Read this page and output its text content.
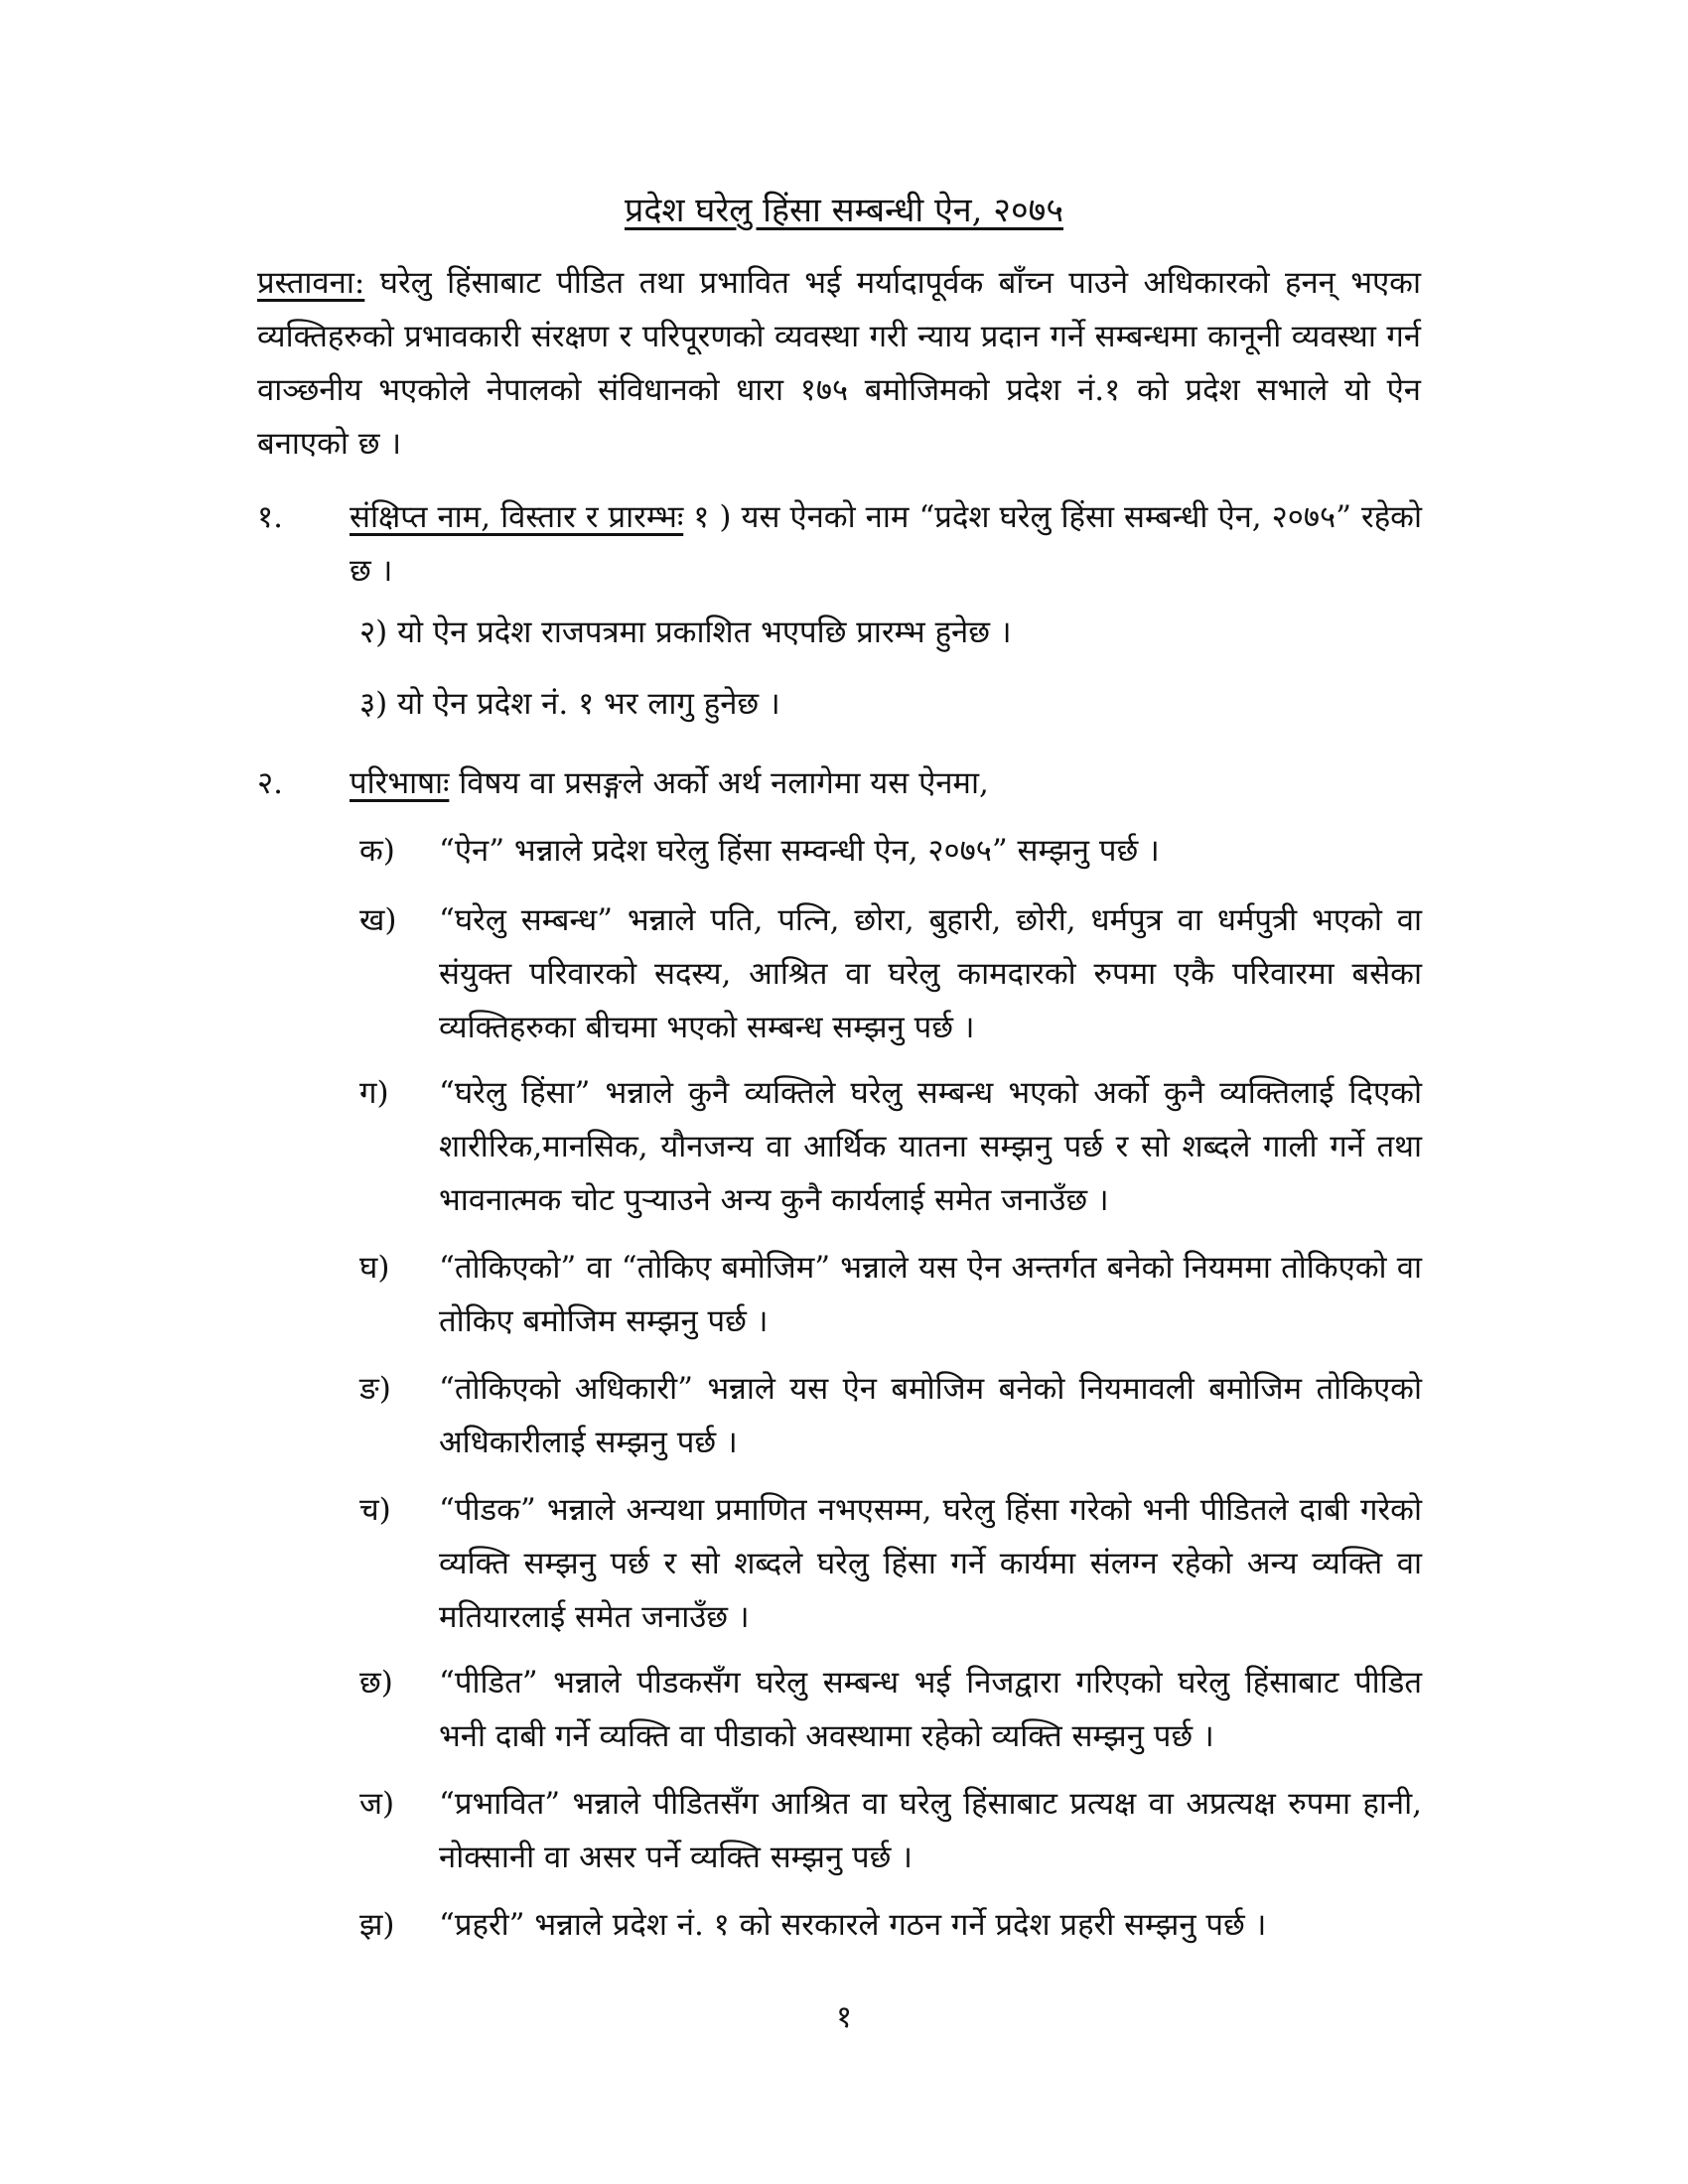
प्रदेश घरेलु हिंसा सम्बन्धी ऐन, २०७५

प्रस्तावना: घरेलु हिंसाबाट पीडित तथा प्रभावित भई मर्यादापूर्वक बाँच्न पाउने अधिकारको हनन् भएका व्यक्तिहरुको प्रभावकारी संरक्षण र परिपूरणको व्यवस्था गरी न्याय प्रदान गर्ने सम्बन्धमा कानूनी व्यवस्था गर्न वाञ्छनीय भएकोले नेपालको संविधानको धारा १७५ बमोजिमको प्रदेश नं.१ को प्रदेश सभाले यो ऐन बनाएको छ ।

१. संक्षिप्त नाम, विस्तार र प्रारम्भः १ ) यस ऐनको नाम “प्रदेश घरेलु हिंसा सम्बन्धी ऐन, २०७५” रहेको छ ।

२) यो ऐन प्रदेश राजपत्रमा प्रकाशित भएपछि प्रारम्भ हुनेछ ।

३) यो ऐन प्रदेश नं. १ भर लागु हुनेछ ।

२. परिभाषाः विषय वा प्रसङ्गले अर्को अर्थ नलागेमा यस ऐनमा,

क) “ऐन” भन्नाले प्रदेश घरेलु हिंसा सम्वन्धी ऐन, २०७५” सम्झनु पर्छ ।

ख) “घरेलु सम्बन्ध” भन्नाले पति, पत्नि, छोरा, बुहारी, छोरी, धर्मपुत्र वा धर्मपुत्री भएको वा संयुक्त परिवारको सदस्य, आश्रित वा घरेलु कामदारको रुपमा एकै परिवारमा बसेका व्यक्तिहरुका बीचमा भएको सम्बन्ध सम्झनु पर्छ ।

ग) “घरेलु हिंसा” भन्नाले कुनै व्यक्तिले घरेलु सम्बन्ध भएको अर्को कुनै व्यक्तिलाई दिएको शारीरिक,मानसिक, यौनजन्य वा आर्थिक यातना सम्झनु पर्छ र सो शब्दले गाली गर्ने तथा भावनात्मक चोट पुऱ्याउने अन्य कुनै कार्यलाई समेत जनाउँछ ।

घ) “तोकिएको” वा “तोकिए बमोजिम” भन्नाले यस ऐन अन्तर्गत बनेको नियममा तोकिएको वा तोकिए बमोजिम सम्झनु पर्छ ।

ङ) “तोकिएको अधिकारी” भन्नाले यस ऐन बमोजिम बनेको नियमावली बमोजिम तोकिएको अधिकारीलाई सम्झनु पर्छ ।

च) “पीडक” भन्नाले अन्यथा प्रमाणित नभएसम्म, घरेलु हिंसा गरेको भनी पीडितले दाबी गरेको व्यक्ति सम्झनु पर्छ र सो शब्दले घरेलु हिंसा गर्ने कार्यमा संलग्न रहेको अन्य व्यक्ति वा मतियारलाई समेत जनाउँछ ।

छ) “पीडित” भन्नाले पीडकसँग घरेलु सम्बन्ध भई निजद्वारा गरिएको घरेलु हिंसाबाट पीडित भनी दाबी गर्ने व्यक्ति वा पीडाको अवस्थामा रहेको व्यक्ति सम्झनु पर्छ ।

ज) “प्रभावित” भन्नाले पीडितसँग आश्रित वा घरेलु हिंसाबाट प्रत्यक्ष वा अप्रत्यक्ष रुपमा हानी, नोक्सानी वा असर पर्ने व्यक्ति सम्झनु पर्छ ।

झ) “प्रहरी” भन्नाले प्रदेश नं. १ को सरकारले गठन गर्ने प्रदेश प्रहरी सम्झनु पर्छ ।

१
